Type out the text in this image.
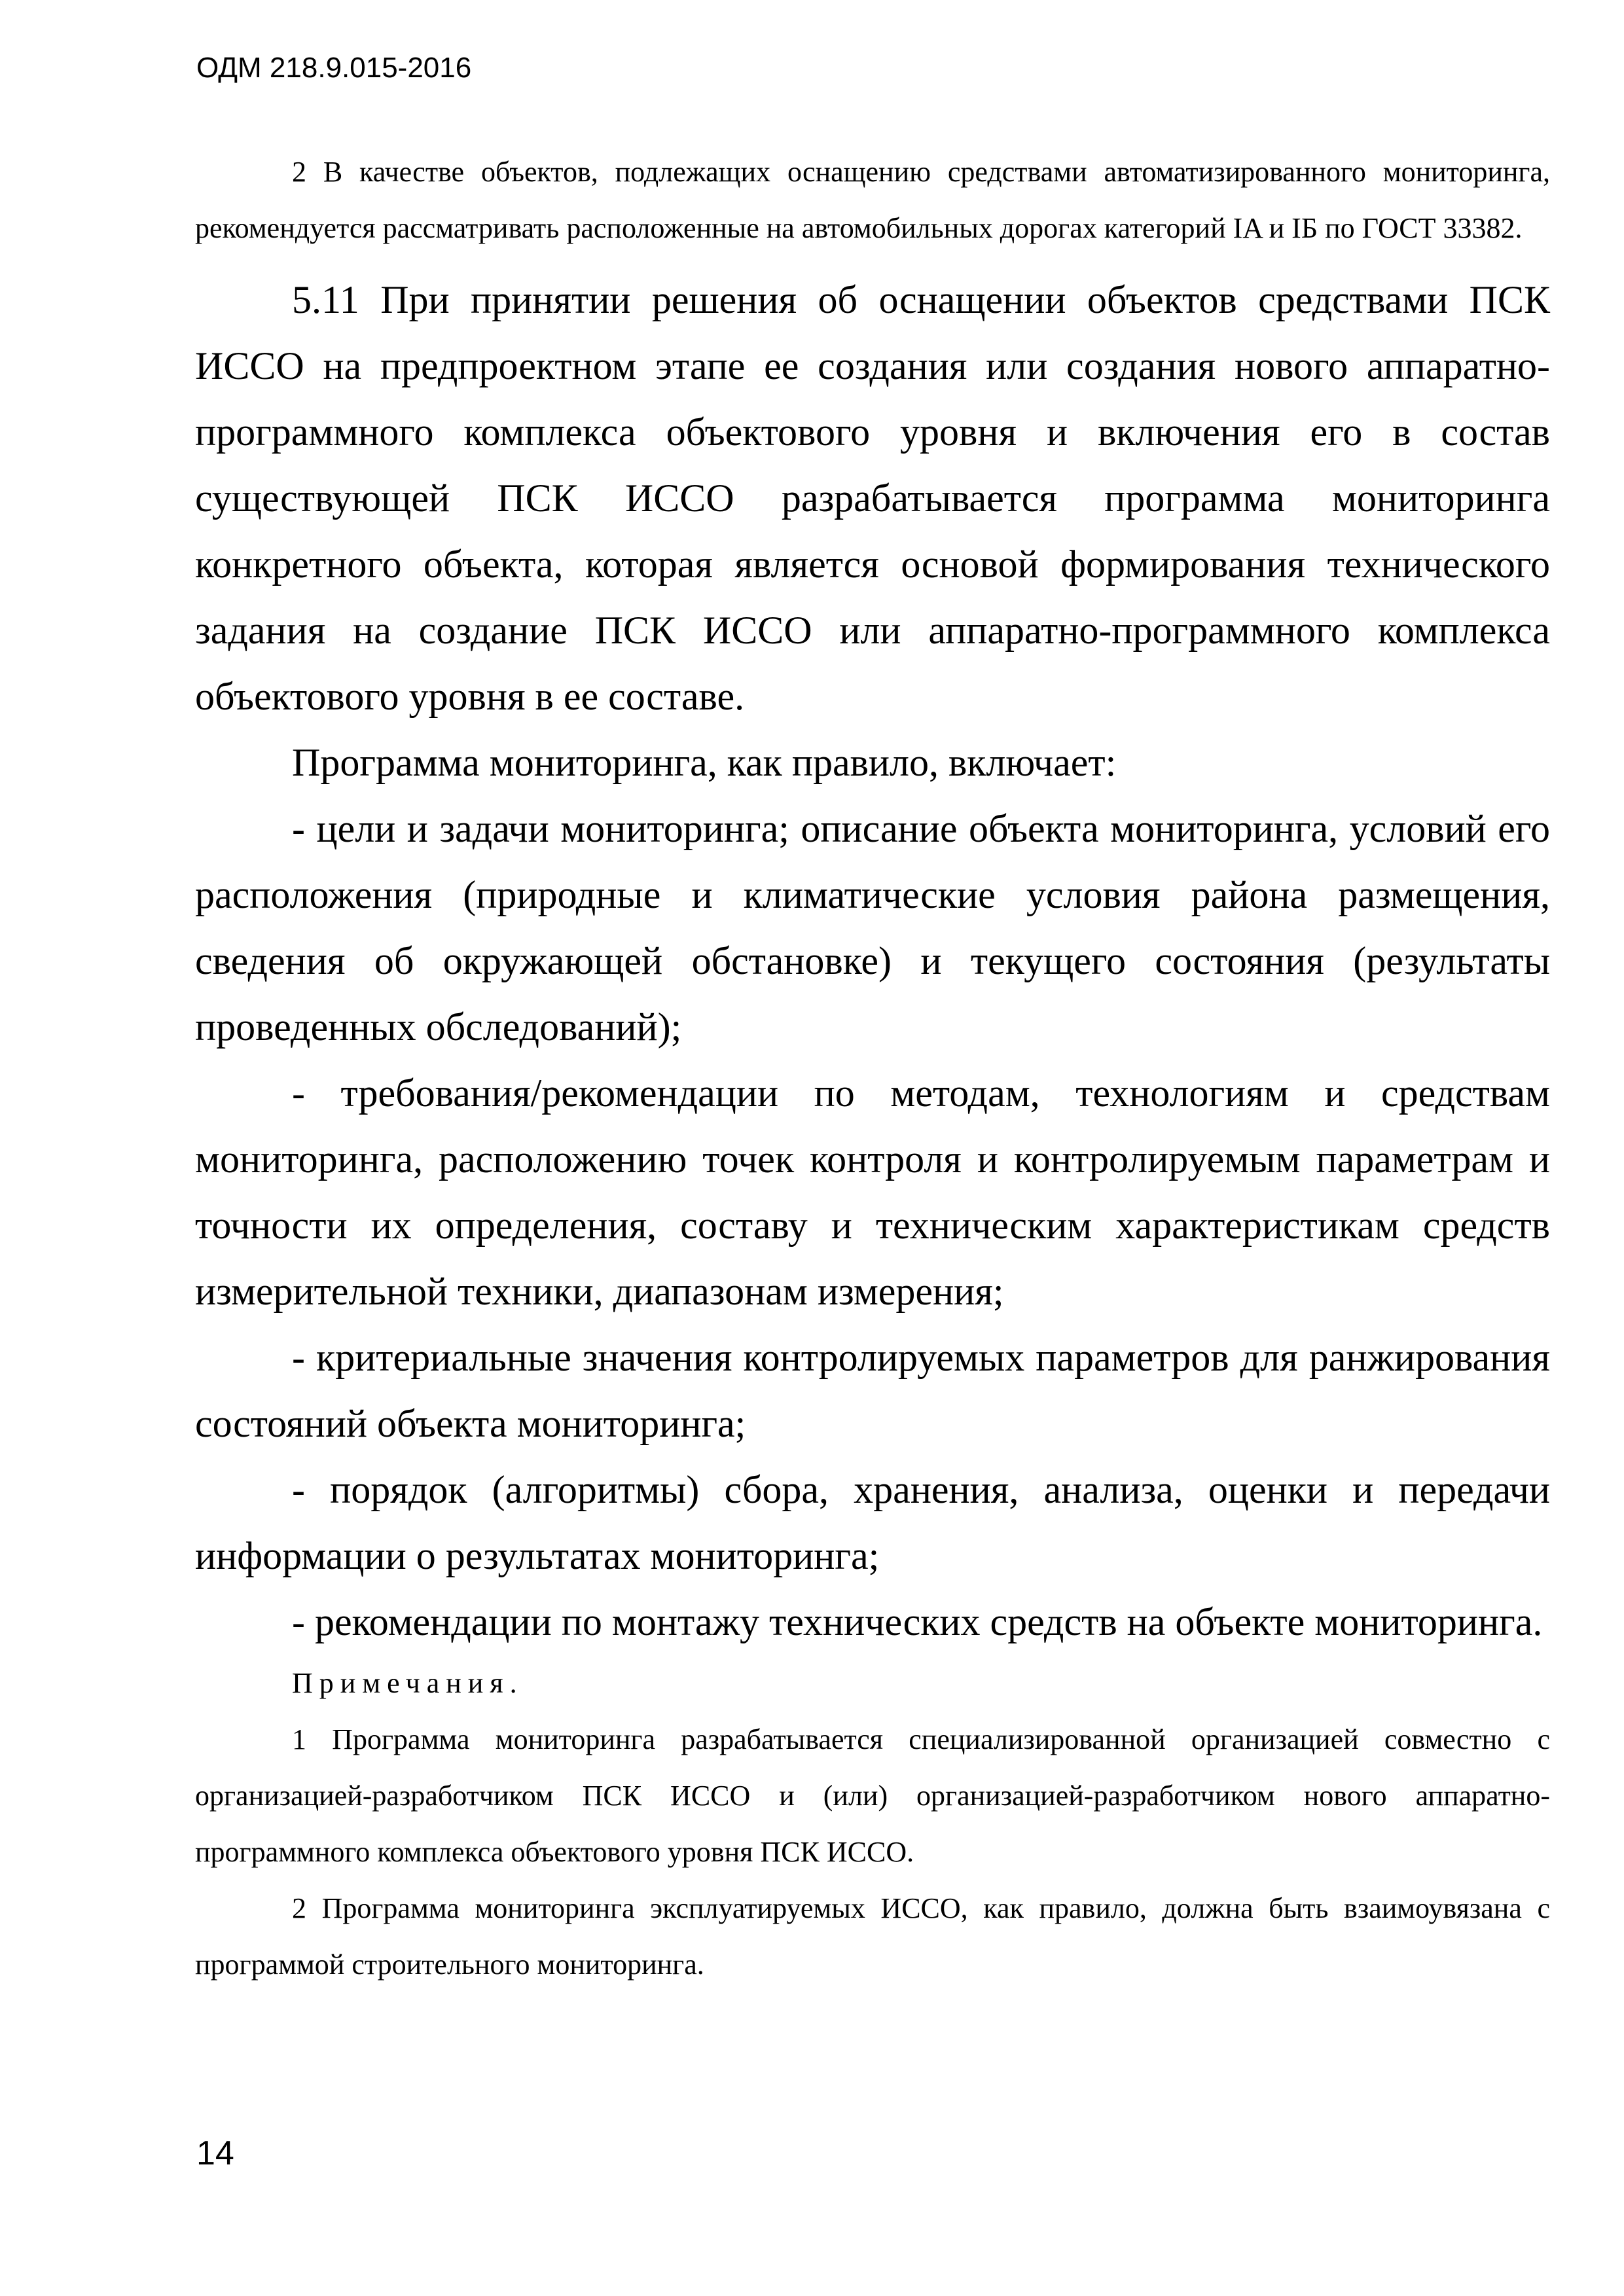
ОДМ 218.9.015-2016

2 В качестве объектов, подлежащих оснащению средствами автоматизированного мониторинга, рекомендуется рассматривать расположенные на автомобильных дорогах категорий IA и IБ по ГОСТ 33382.

5.11 При принятии решения об оснащении объектов средствами ПСК ИССО на предпроектном этапе ее создания или создания нового аппаратно-программного комплекса объектового уровня и включения его в состав существующей ПСК ИССО разрабатывается программа мониторинга конкретного объекта, которая является основой формирования технического задания на создание ПСК ИССО или аппаратно-программного комплекса объектового уровня в ее составе.

Программа мониторинга, как правило, включает:

- цели и задачи мониторинга; описание объекта мониторинга, условий его расположения (природные и климатические условия района размещения, сведения об окружающей обстановке) и текущего состояния (результаты проведенных обследований);

- требования/рекомендации по методам, технологиям и средствам мониторинга, расположению точек контроля и контролируемым параметрам и точности их определения, составу и техническим характеристикам средств измерительной техники, диапазонам измерения;

- критериальные значения контролируемых параметров для ранжирования состояний объекта мониторинга;

- порядок (алгоритмы) сбора, хранения, анализа, оценки и передачи информации о результатах мониторинга;

- рекомендации по монтажу технических средств на объекте мониторинга.

Примечания.

1 Программа мониторинга разрабатывается специализированной организацией совместно с организацией-разработчиком ПСК ИССО и (или) организацией-разработчиком нового аппаратно-программного комплекса объектового уровня ПСК ИССО.

2 Программа мониторинга эксплуатируемых ИССО, как правило, должна быть взаимоувязана с программой строительного мониторинга.

14
